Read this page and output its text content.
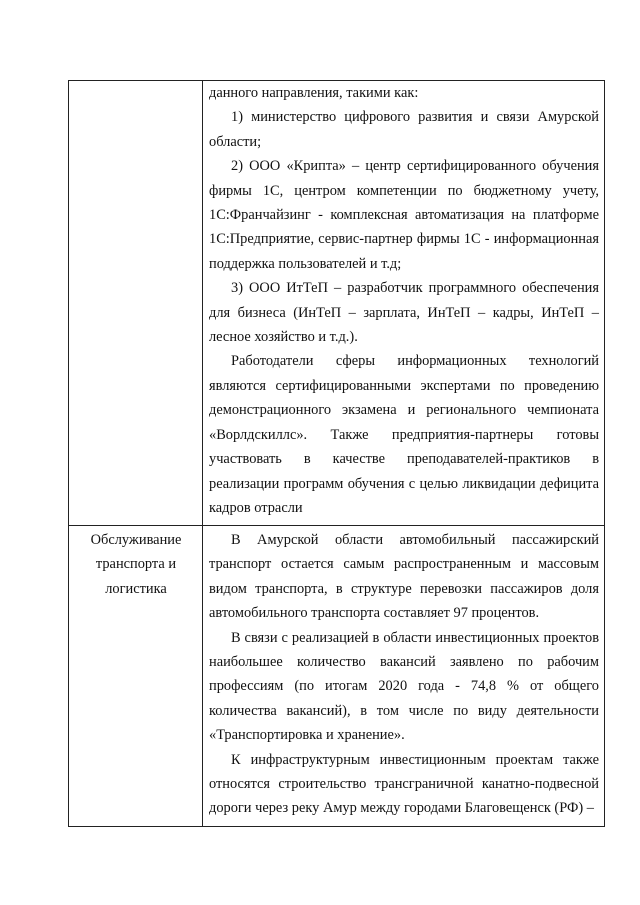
данного направления, такими как:

1) министерство цифрового развития и связи Амурской области;

2) ООО «Крипта» – центр сертифицированного обучения фирмы 1С, центром компетенции по бюджетному учету, 1С:Франчайзинг - комплексная автоматизация на платформе 1С:Предприятие, сервис-партнер фирмы 1С - информационная поддержка пользователей и т.д;

3) ООО ИтТеП – разработчик программного обеспечения для бизнеса (ИнТеП – зарплата, ИнТеП – кадры, ИнТеП – лесное хозяйство и т.д.).

Работодатели сферы информационных технологий являются сертифицированными экспертами по проведению демонстрационного экзамена и регионального чемпионата «Ворлдскиллс». Также предприятия-партнеры готовы участвовать в качестве преподавателей-практиков в реализации программ обучения с целью ликвидации дефицита кадров отрасли

Обслуживание транспорта и логистика

В Амурской области автомобильный пассажирский транспорт остается самым распространенным и массовым видом транспорта, в структуре перевозки пассажиров доля автомобильного транспорта составляет 97 процентов.

В связи с реализацией в области инвестиционных проектов наибольшее количество вакансий заявлено по рабочим профессиям (по итогам 2020 года - 74,8 % от общего количества вакансий), в том числе по виду деятельности «Транспортировка и хранение».

К инфраструктурным инвестиционным проектам также относятся строительство трансграничной канатно-подвесной дороги через реку Амур между городами Благовещенск (РФ) –
